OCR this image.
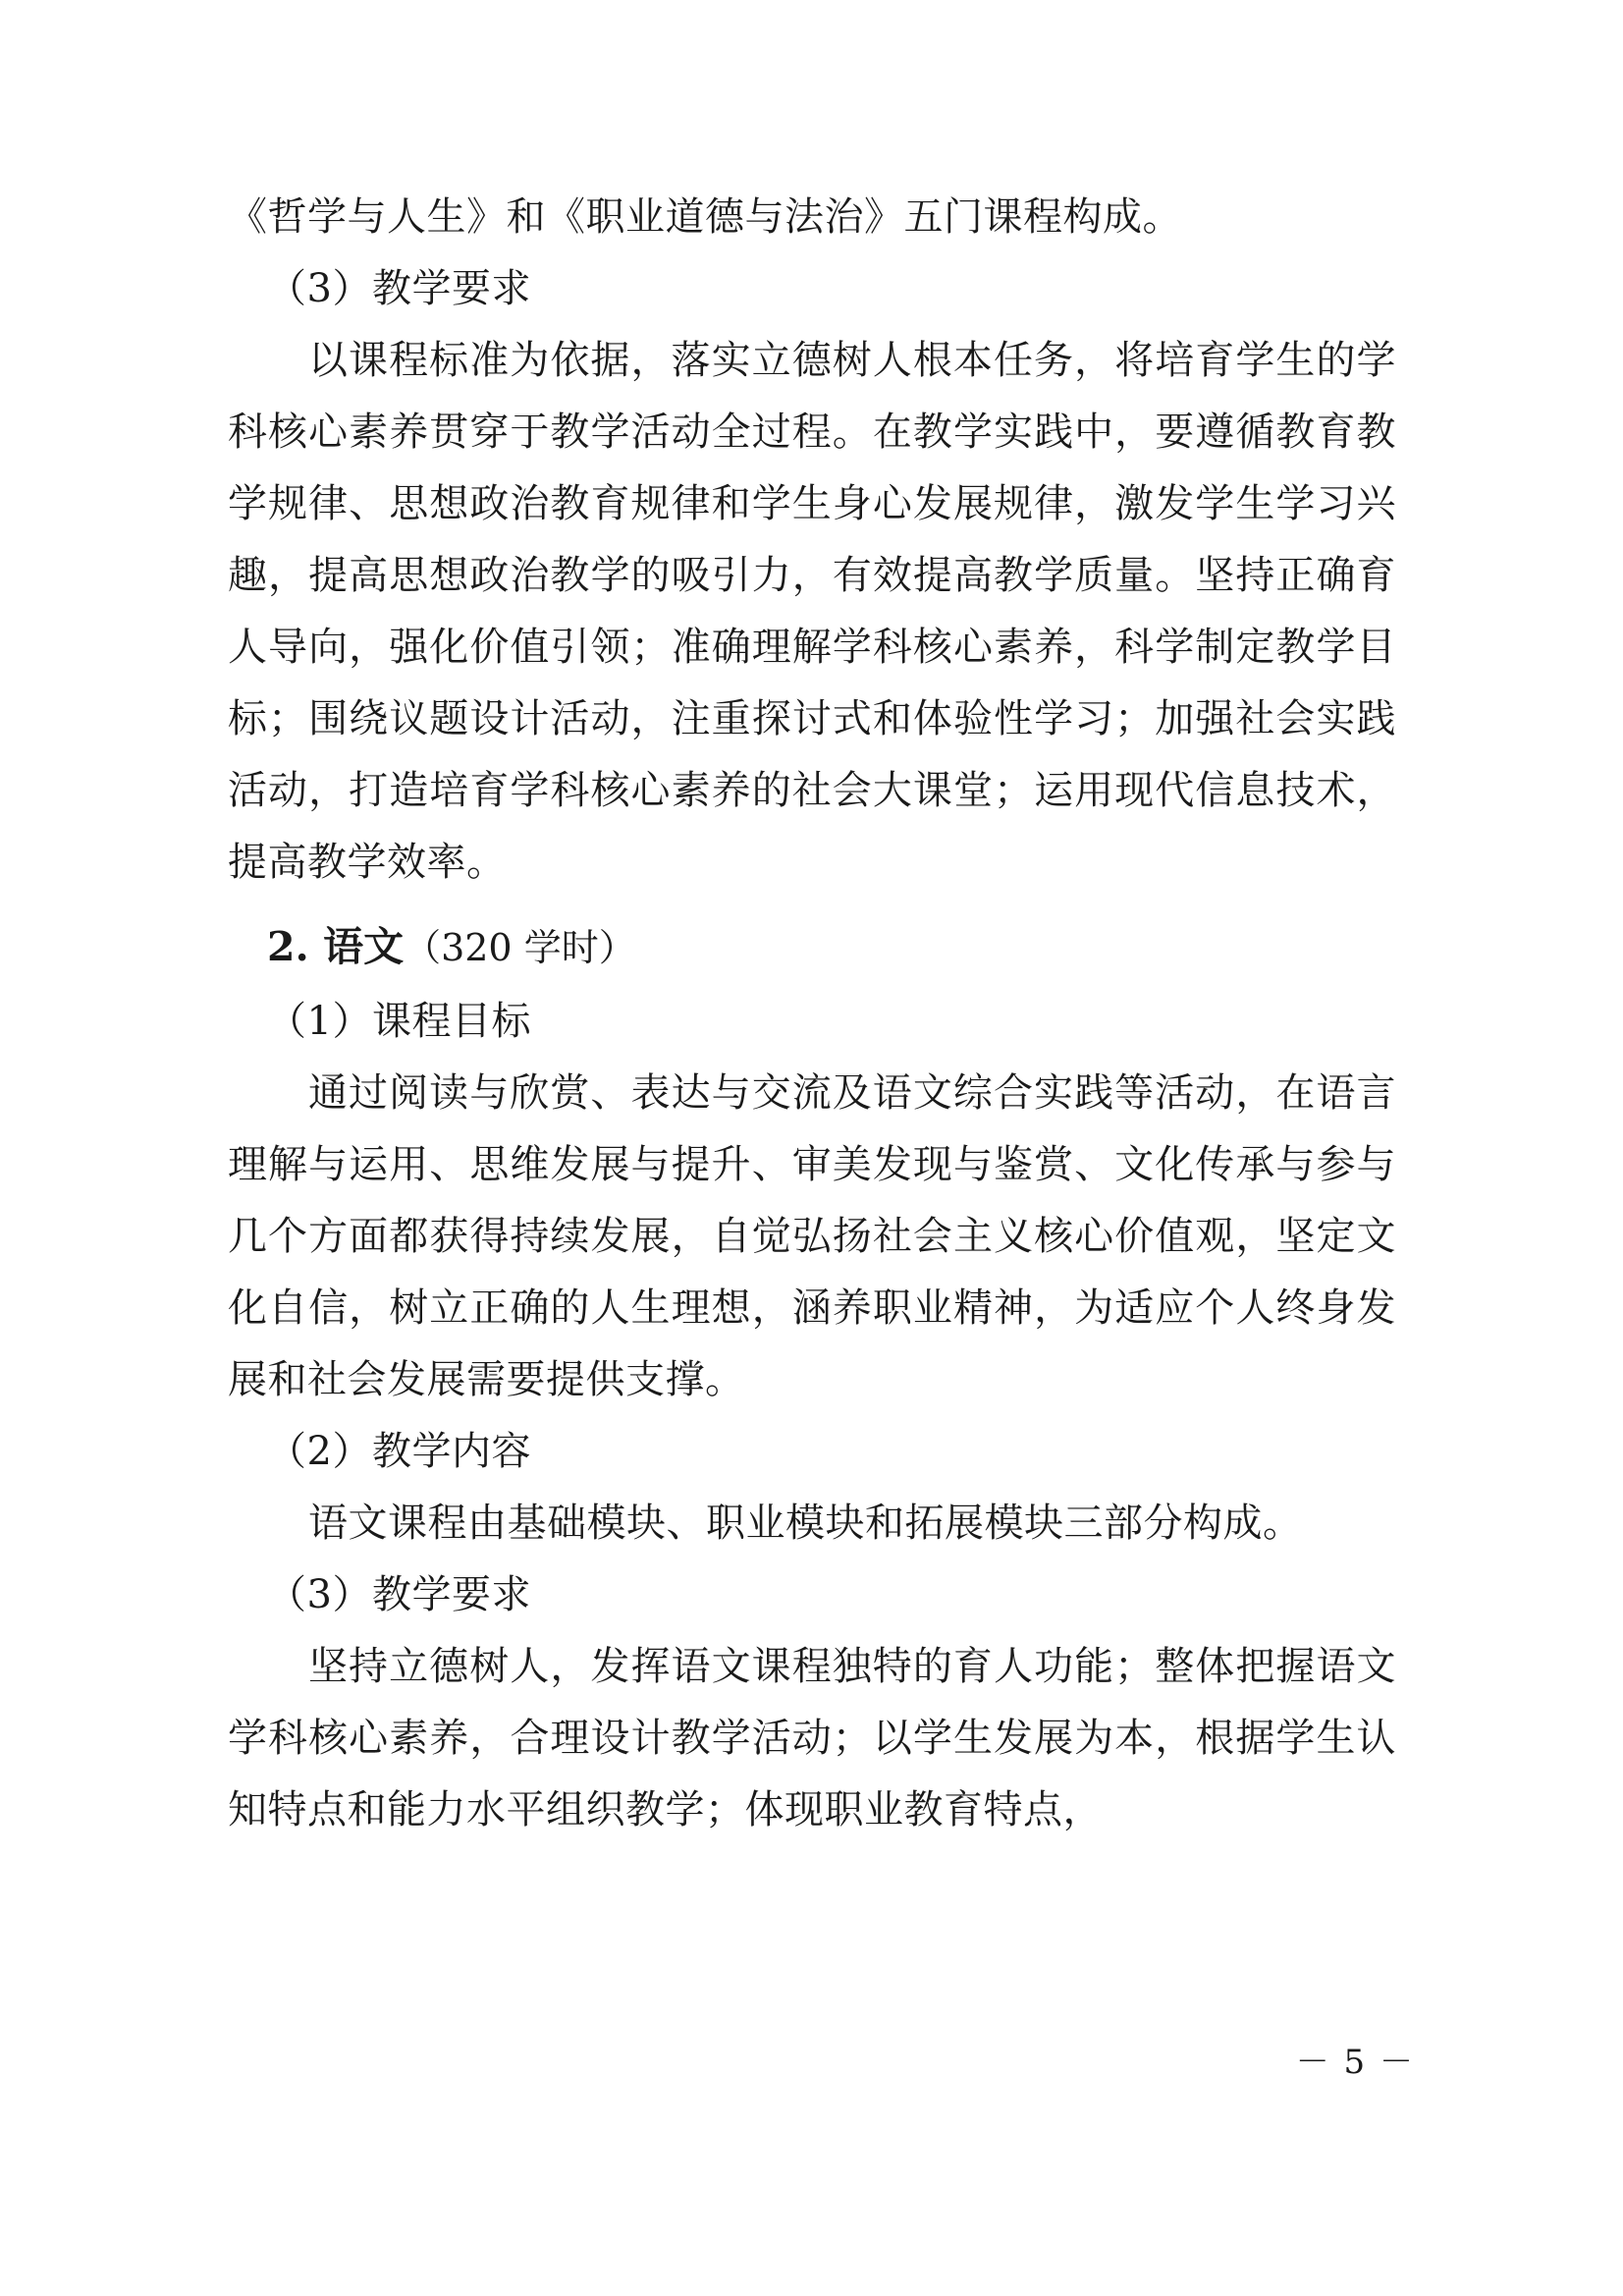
《哲学与人生》和《职业道德与法治》五门课程构成。

（3）教学要求

以课程标准为依据，落实立德树人根本任务，将培育学生的学科核心素养贯穿于教学活动全过程。在教学实践中，要遵循教育教学规律、思想政治教育规律和学生身心发展规律，激发学生学习兴趣，提高思想政治教学的吸引力，有效提高教学质量。坚持正确育人导向，强化价值引领；准确理解学科核心素养，科学制定教学目标；围绕议题设计活动，注重探讨式和体验性学习；加强社会实践活动，打造培育学科核心素养的社会大课堂；运用现代信息技术，提高教学效率。

2. 语文（320 学时）

（1）课程目标

通过阅读与欣赏、表达与交流及语文综合实践等活动，在语言理解与运用、思维发展与提升、审美发现与鉴赏、文化传承与参与几个方面都获得持续发展，自觉弘扬社会主义核心价值观，坚定文化自信，树立正确的人生理想，涵养职业精神，为适应个人终身发展和社会发展需要提供支撑。

（2）教学内容

语文课程由基础模块、职业模块和拓展模块三部分构成。

（3）教学要求

坚持立德树人，发挥语文课程独特的育人功能；整体把握语文学科核心素养，合理设计教学活动；以学生发展为本，根据学生认知特点和能力水平组织教学；体现职业教育特点，

－ 5 －
